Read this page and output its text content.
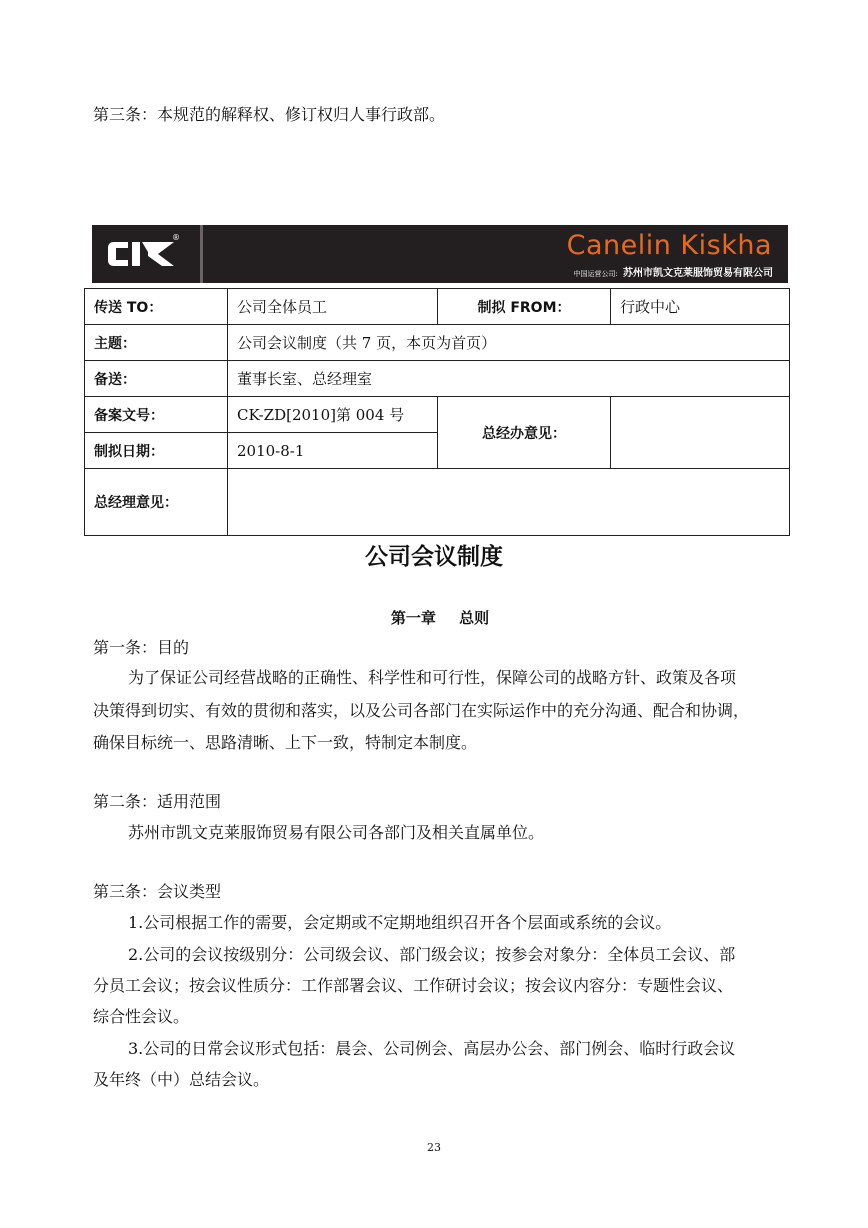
第三条：本规范的解释权、修订权归人事行政部。
®	Canelin Kiskha
中国运营公司: 苏州市凯文克莱服饰贸易有限公司
传送 TO：	公司全体员工	制拟 FROM：	行政中心
主题：	公司会议制度（共 7 页，本页为首页）		
备送：	董事长室、总经理室		
备案文号：	CK-ZD[2010]第 004 号	总经办意见：	
制拟日期：	2010-8-1		
总经理意见：			
公司会议制度
第一章 总则
第一条：目的
为了保证公司经营战略的正确性、科学性和可行性，保障公司的战略方针、政策及各项
决策得到切实、有效的贯彻和落实，以及公司各部门在实际运作中的充分沟通、配合和协调，
确保目标统一、思路清晰、上下一致，特制定本制度。
第二条：适用范围
苏州市凯文克莱服饰贸易有限公司各部门及相关直属单位。
第三条：会议类型
1.公司根据工作的需要，会定期或不定期地组织召开各个层面或系统的会议。
2.公司的会议按级别分：公司级会议、部门级会议；按参会对象分：全体员工会议、部
分员工会议；按会议性质分：工作部署会议、工作研讨会议；按会议内容分：专题性会议、
综合性会议。
3.公司的日常会议形式包括：晨会、公司例会、高层办公会、部门例会、临时行政会议
及年终（中）总结会议。
23
